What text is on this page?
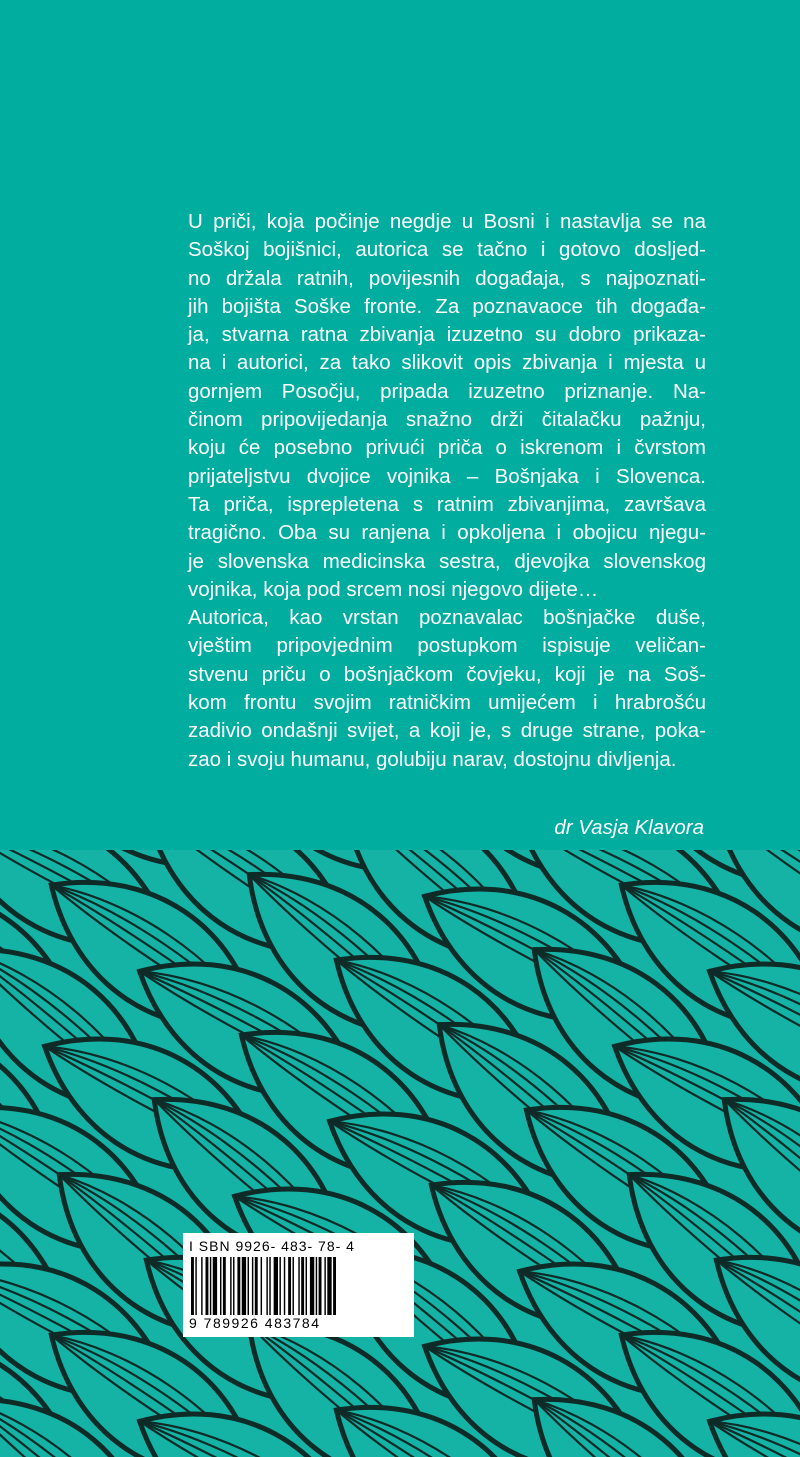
U priči, koja počinje negdje u Bosni i nastavlja se na
Soškoj bojišnici, autorica se tačno i gotovo dosljed-
no držala ratnih, povijesnih događaja, s najpoznati-
jih bojišta Soške fronte. Za poznavaoce tih događa-
ja, stvarna ratna zbivanja izuzetno su dobro prikaza-
na i autorici, za tako slikovit opis zbivanja i mjesta u
gornjem Posočju, pripada izuzetno priznanje. Na-
činom pripovijedanja snažno drži čitalačku pažnju,
koju će posebno privući priča o iskrenom i čvrstom
prijateljstvu dvojice vojnika – Bošnjaka i Slovenca.
Ta priča, isprepletena s ratnim zbivanjima, završava
tragično. Oba su ranjena i opkoljena i obojicu njegu-
je slovenska medicinska sestra, djevojka slovenskog
vojnika, koja pod srcem nosi njegovo dijete…
Autorica, kao vrstan poznavalac bošnjačke duše,
vještim pripovjednim postupkom ispisuje veličan-
stvenu priču o bošnjačkom čovjeku, koji je na Soš-
kom frontu svojim ratničkim umijećem i hrabrošću
zadivio ondašnji svijet, a koji je, s druge strane, poka-
zao i svoju humanu, golubiju narav, dostojnu divljenja.
dr Vasja Klavora
I SBN 9926- 483- 78- 4
9 789926 483784
